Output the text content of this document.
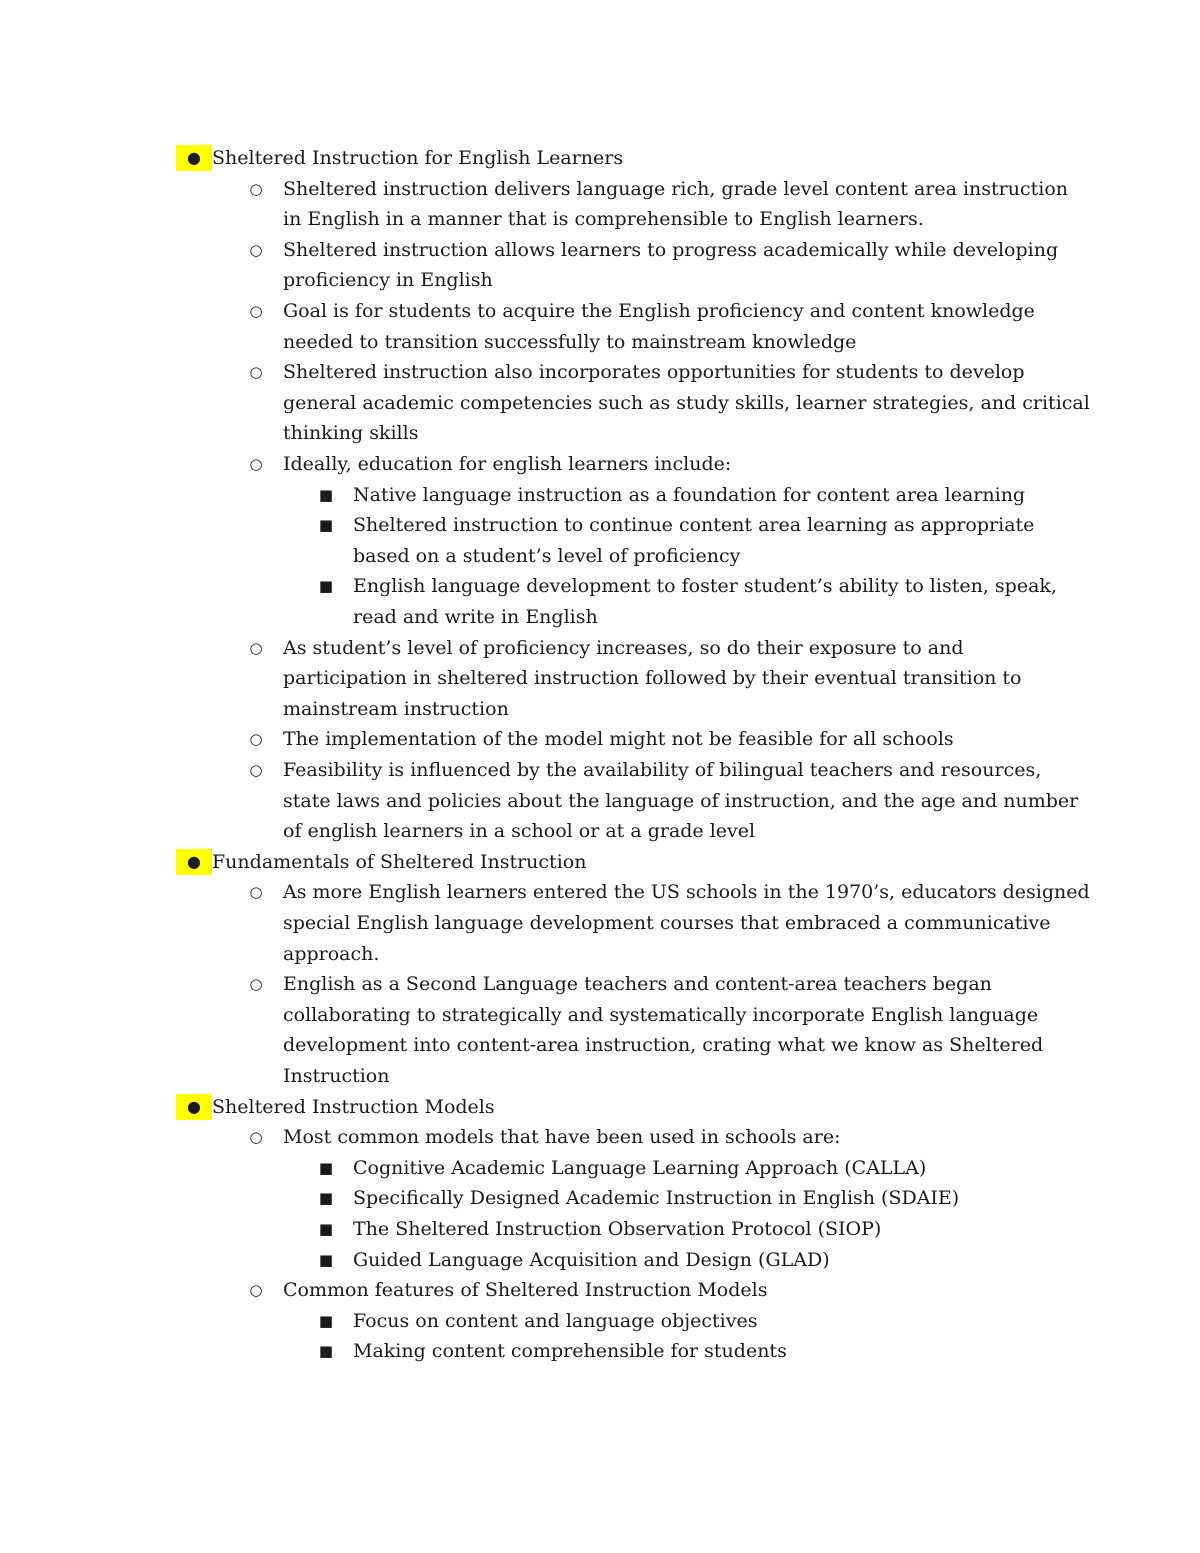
● Sheltered Instruction for English Learners
○ Sheltered instruction delivers language rich, grade level content area instruction
in English in a manner that is comprehensible to English learners.
○ Sheltered instruction allows learners to progress academically while developing
proficiency in English
○ Goal is for students to acquire the English proficiency and content knowledge
needed to transition successfully to mainstream knowledge
○ Sheltered instruction also incorporates opportunities for students to develop
general academic competencies such as study skills, learner strategies, and critical
thinking skills
○ Ideally, education for english learners include:
■ Native language instruction as a foundation for content area learning
■ Sheltered instruction to continue content area learning as appropriate
based on a student’s level of proficiency
■ English language development to foster student’s ability to listen, speak,
read and write in English
○ As student’s level of proficiency increases, so do their exposure to and
participation in sheltered instruction followed by their eventual transition to
mainstream instruction
○ The implementation of the model might not be feasible for all schools
○ Feasibility is influenced by the availability of bilingual teachers and resources,
state laws and policies about the language of instruction, and the age and number
of english learners in a school or at a grade level
● Fundamentals of Sheltered Instruction
○ As more English learners entered the US schools in the 1970’s, educators designed
special English language development courses that embraced a communicative
approach.
○ English as a Second Language teachers and content-area teachers began
collaborating to strategically and systematically incorporate English language
development into content-area instruction, crating what we know as Sheltered
Instruction
● Sheltered Instruction Models
○ Most common models that have been used in schools are:
■ Cognitive Academic Language Learning Approach (CALLA)
■ Specifically Designed Academic Instruction in English (SDAIE)
■ The Sheltered Instruction Observation Protocol (SIOP)
■ Guided Language Acquisition and Design (GLAD)
○ Common features of Sheltered Instruction Models
■ Focus on content and language objectives
■ Making content comprehensible for students
